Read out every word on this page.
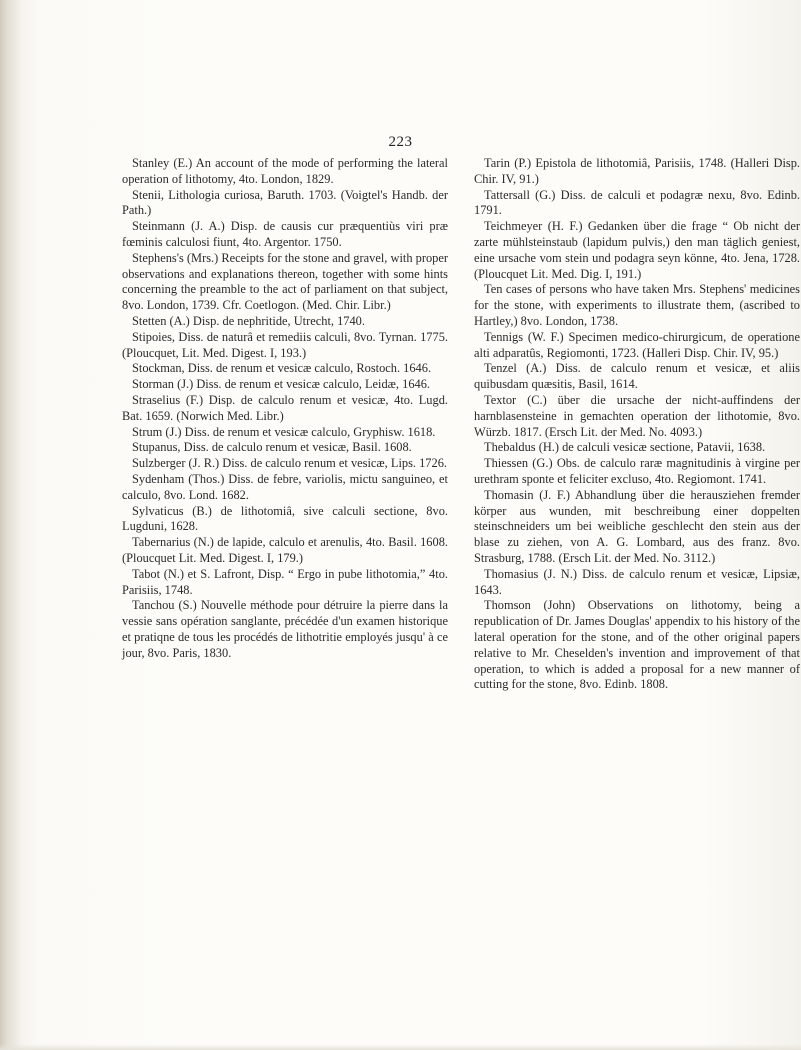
223

Stanley (E.) An account of the mode of performing the lateral operation of lithotomy, 4to. London, 1829.

Stenii, Lithologia curiosa, Baruth. 1703. (Voigtel's Handb. der Path.)

Steinmann (J. A.) Disp. de causis cur præquentiùs viri præ fœminis calculosi fiunt, 4to. Argentor. 1750.

Stephens's (Mrs.) Receipts for the stone and gravel, with proper observations and explanations thereon, together with some hints concerning the preamble to the act of parliament on that subject, 8vo. London, 1739. Cfr. Coetlogon. (Med. Chir. Libr.)

Stetten (A.) Disp. de nephritide, Utrecht, 1740.

Stipoies, Diss. de naturâ et remediis calculi, 8vo. Tyrnan. 1775. (Ploucquet, Lit. Med. Digest. I, 193.)

Stockman, Diss. de renum et vesicæ calculo, Rostoch. 1646.

Storman (J.) Diss. de renum et vesicæ calculo, Leidæ, 1646.

Straselius (F.) Disp. de calculo renum et vesicæ, 4to. Lugd. Bat. 1659. (Norwich Med. Libr.)

Strum (J.) Diss. de renum et vesicæ calculo, Gryphisw. 1618.

Stupanus, Diss. de calculo renum et vesicæ, Basil. 1608.

Sulzberger (J. R.) Diss. de calculo renum et vesicæ, Lips. 1726.

Sydenham (Thos.) Diss. de febre, variolis, mictu sanguineo, et calculo, 8vo. Lond. 1682.

Sylvaticus (B.) de lithotomiâ, sive calculi sectione, 8vo. Lugduni, 1628.

Tabernarius (N.) de lapide, calculo et arenulis, 4to. Basil. 1608. (Ploucquet Lit. Med. Digest. I, 179.)

Tabot (N.) et S. Lafront, Disp. “ Ergo in pube lithotomia,” 4to. Parisiis, 1748.

Tanchou (S.) Nouvelle méthode pour détruire la pierre dans la vessie sans opération sanglante, précédée d'un examen historique et pratiqne de tous les procédés de lithotritie employés jusqu' à ce jour, 8vo. Paris, 1830.

Tarin (P.) Epistola de lithotomiâ, Parisiis, 1748. (Halleri Disp. Chir. IV, 91.)

Tattersall (G.) Diss. de calculi et podagræ nexu, 8vo. Edinb. 1791.

Teichmeyer (H. F.) Gedanken über die frage “ Ob nicht der zarte mühlsteinstaub (lapidum pulvis,) den man täglich geniest, eine ursache vom stein und podagra seyn könne, 4to. Jena, 1728. (Ploucquet Lit. Med. Dig. I, 191.)

Ten cases of persons who have taken Mrs. Stephens' medicines for the stone, with experiments to illustrate them, (ascribed to Hartley,) 8vo. London, 1738.

Tennigs (W. F.) Specimen medico-chirurgicum, de operatione alti adparatûs, Regiomonti, 1723. (Halleri Disp. Chir. IV, 95.)

Tenzel (A.) Diss. de calculo renum et vesicæ, et aliis quibusdam quæsitis, Basil, 1614.

Textor (C.) über die ursache der nicht-auffindens der harnblasensteine in gemachten operation der lithotomie, 8vo. Würzb. 1817. (Ersch Lit. der Med. No. 4093.)

Thebaldus (H.) de calculi vesicæ sectione, Patavii, 1638.

Thiessen (G.) Obs. de calculo raræ magnitudinis à virgine per urethram sponte et feliciter excluso, 4to. Regiomont. 1741.

Thomasin (J. F.) Abhandlung über die herausziehen fremder körper aus wunden, mit beschreibung einer doppelten steinschneiders um bei weibliche geschlecht den stein aus der blase zu ziehen, von A. G. Lombard, aus des franz. 8vo. Strasburg, 1788. (Ersch Lit. der Med. No. 3112.)

Thomasius (J. N.) Diss. de calculo renum et vesicæ, Lipsiæ, 1643.

Thomson (John) Observations on lithotomy, being a republication of Dr. James Douglas' appendix to his history of the lateral operation for the stone, and of the other original papers relative to Mr. Cheselden's invention and improvement of that operation, to which is added a proposal for a new manner of cutting for the stone, 8vo. Edinb. 1808.
